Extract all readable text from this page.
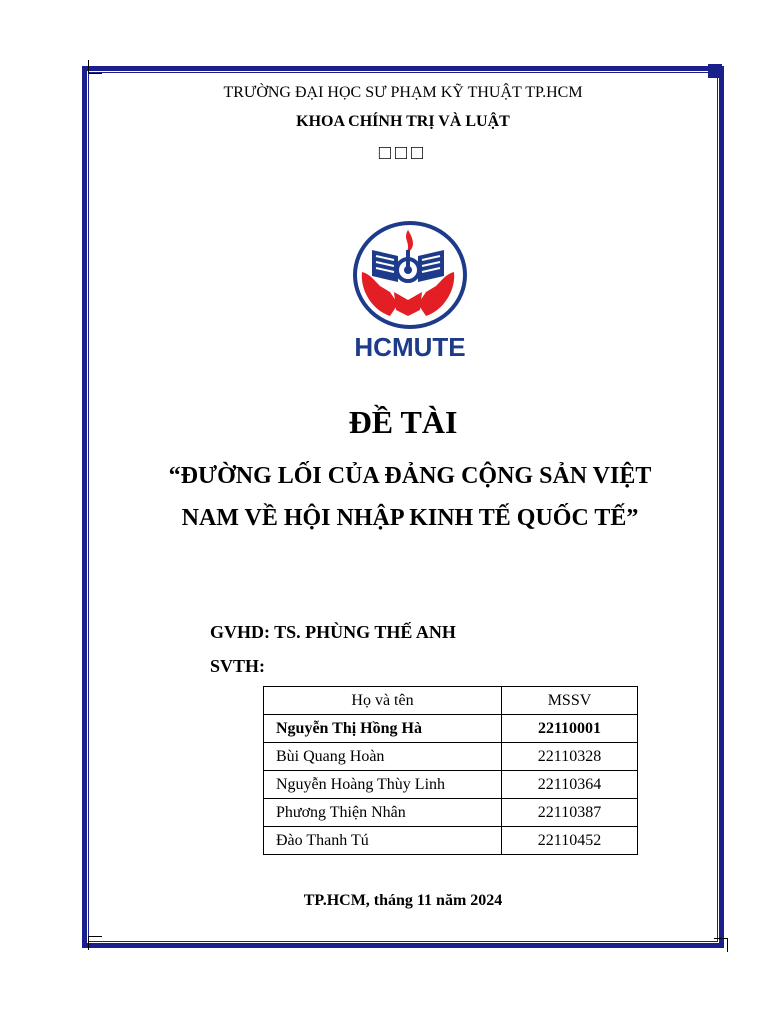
TRƯỜNG ĐẠI HỌC SƯ PHẠM KỸ THUẬT TP.HCM
KHOA CHÍNH TRỊ VÀ LUẬT
□□□
HCMUTE
ĐỀ TÀI
“ĐƯỜNG LỐI CỦA ĐẢNG CỘNG SẢN VIỆT
NAM VỀ HỘI NHẬP KINH TẾ QUỐC TẾ”
GVHD: TS. PHÙNG THẾ ANH
SVTH:
Họ và tên	MSSV
Nguyễn Thị Hồng Hà	22110001
Bùi Quang Hoàn	22110328
Nguyễn Hoàng Thùy Linh	22110364
Phương Thiện Nhân	22110387
Đào Thanh Tú	22110452
TP.HCM, tháng 11 năm 2024
